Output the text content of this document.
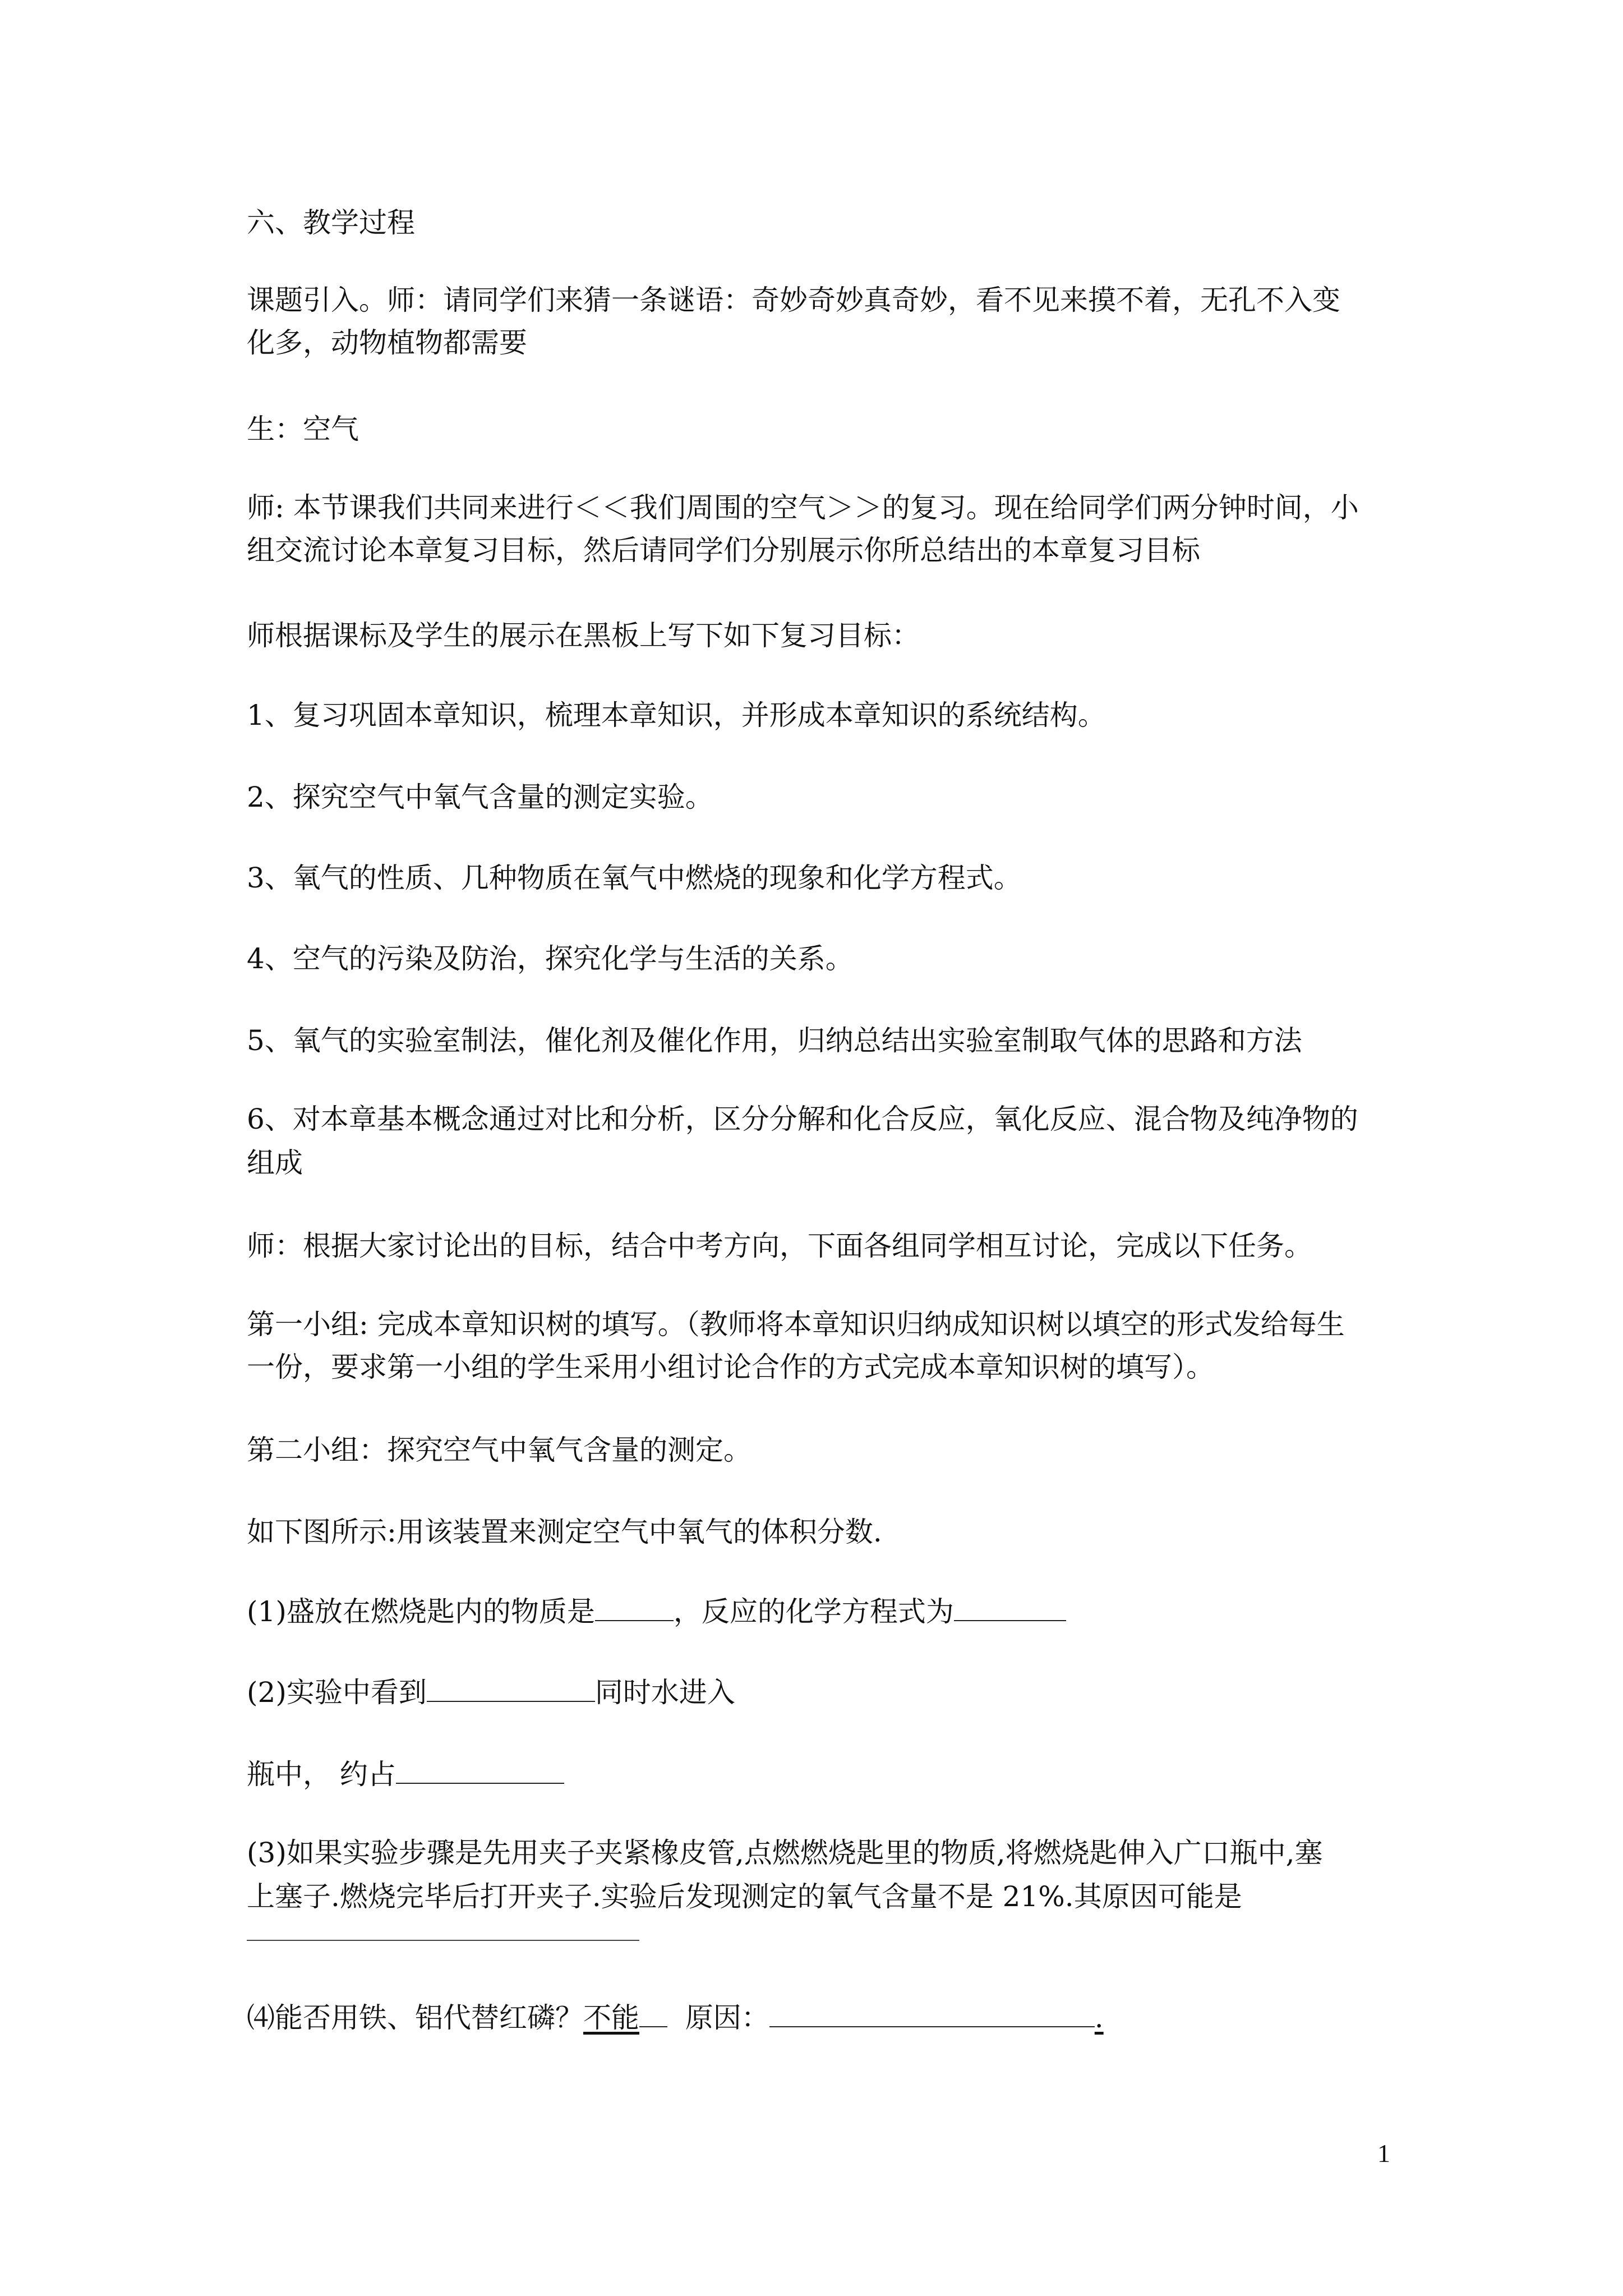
六、教学过程
课题引入。师：请同学们来猜一条谜语：奇妙奇妙真奇妙，看不见来摸不着，无孔不入变
化多，动物植物都需要
生：空气
师: 本节课我们共同来进行＜＜我们周围的空气＞＞的复习。现在给同学们两分钟时间，小
组交流讨论本章复习目标，然后请同学们分别展示你所总结出的本章复习目标
师根据课标及学生的展示在黑板上写下如下复习目标：
1、复习巩固本章知识，梳理本章知识，并形成本章知识的系统结构。
2、探究空气中氧气含量的测定实验。
3、氧气的性质、几种物质在氧气中燃烧的现象和化学方程式。
4、空气的污染及防治，探究化学与生活的关系。
5、氧气的实验室制法，催化剂及催化作用，归纳总结出实验室制取气体的思路和方法
6、对本章基本概念通过对比和分析，区分分解和化合反应，氧化反应、混合物及纯净物的
组成
师：根据大家讨论出的目标，结合中考方向，下面各组同学相互讨论，完成以下任务。
第一小组: 完成本章知识树的填写。（教师将本章知识归纳成知识树以填空的形式发给每生
一份，要求第一小组的学生采用小组讨论合作的方式完成本章知识树的填写）。
第二小组：探究空气中氧气含量的测定。
如下图所示:用该装置来测定空气中氧气的体积分数.
(1)盛放在燃烧匙内的物质是	，反应的化学方程式为
(2)实验中看到	同时水进入
瓶中， 约占
(3)如果实验步骤是先用夹子夹紧橡皮管,点燃燃烧匙里的物质,将燃烧匙伸入广口瓶中,塞
上塞子.燃烧完毕后打开夹子.实验后发现测定的氧气含量不是 21%.其原因可能是
⑷能否用铁、铝代替红磷？不能 原因：	.
1
